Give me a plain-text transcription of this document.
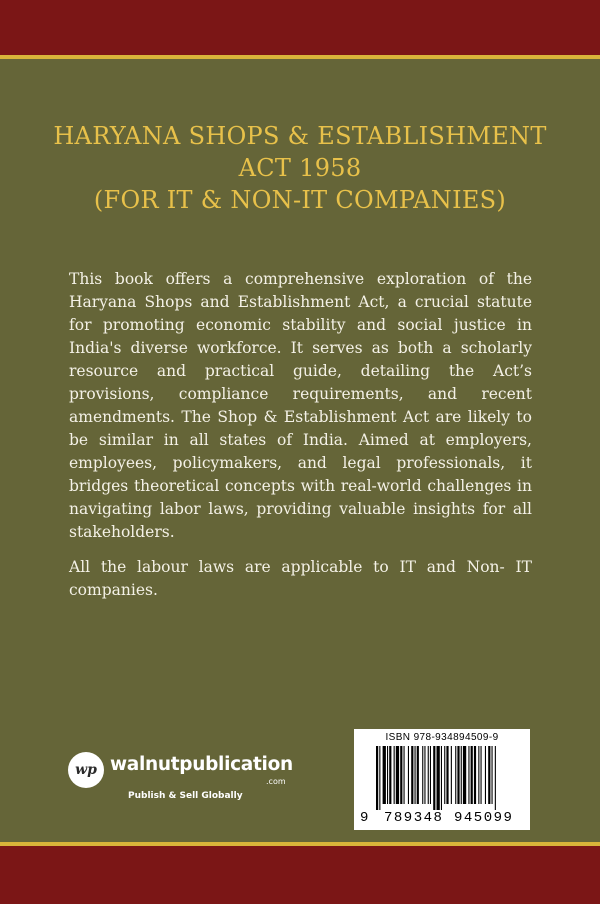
HARYANA SHOPS & ESTABLISHMENT
ACT 1958
(FOR IT & NON-IT COMPANIES)

This book offers a comprehensive exploration of the Haryana Shops and Establishment Act, a crucial statute for promoting economic stability and social justice in India's diverse workforce. It serves as both a scholarly resource and practical guide, detailing the Act’s provisions, compliance requirements, and recent amendments. The Shop & Establishment Act are likely to be similar in all states of India. Aimed at employers, employees, policymakers, and legal professionals, it bridges theoretical concepts with real-world challenges in navigating labor laws, providing valuable insights for all stakeholders.

All the labour laws are applicable to IT and Non- IT companies.

wp walnutpublication
.com
Publish & Sell Globally
ISBN 978-934894509-9
9 789348 945099
